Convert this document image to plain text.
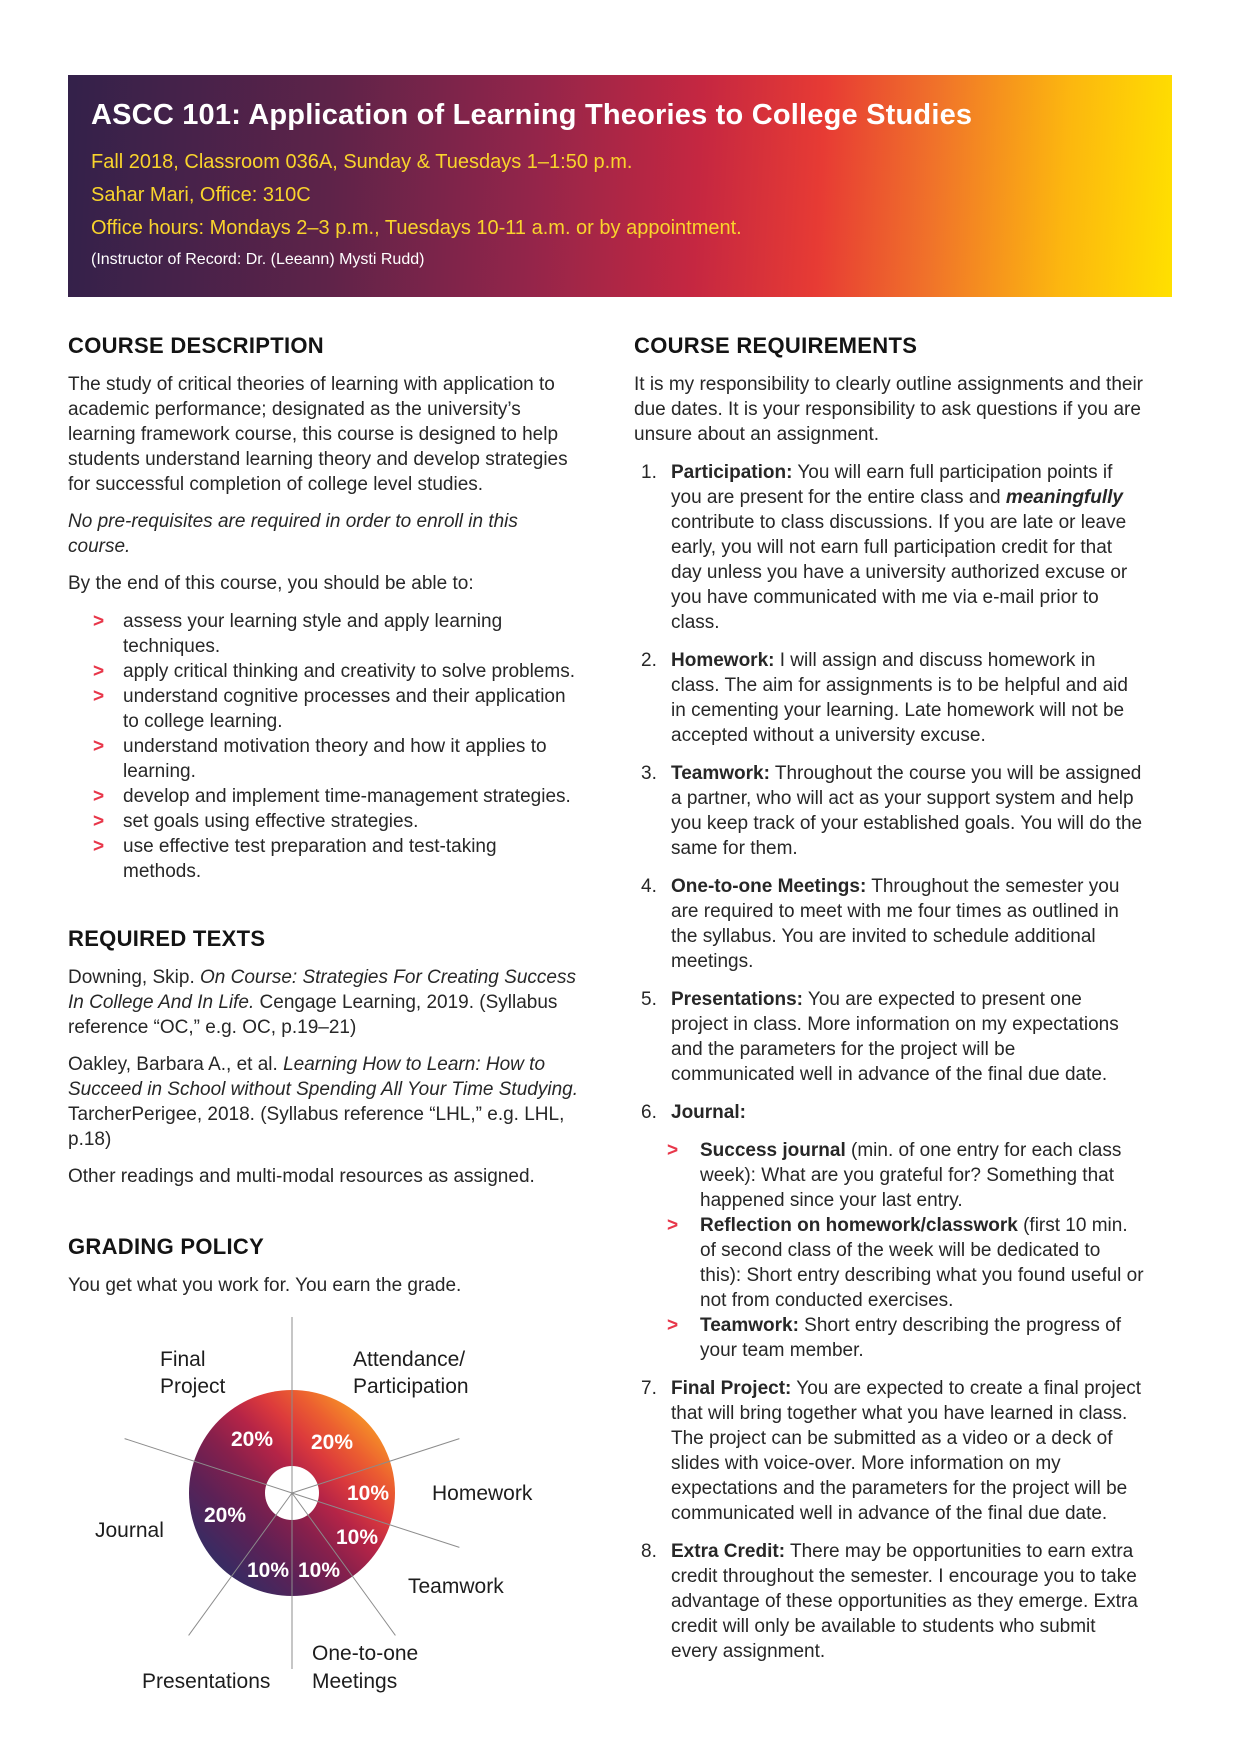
ASCC 101: Application of Learning Theories to College Studies

Fall 2018, Classroom 036A, Sunday & Tuesdays 1–1:50 p.m.

Sahar Mari, Office: 310C

Office hours: Mondays 2–3 p.m., Tuesdays 10-11 a.m. or by appointment.

(Instructor of Record: Dr. (Leeann) Mysti Rudd)

COURSE DESCRIPTION

The study of critical theories of learning with application to academic performance; designated as the university’s learning framework course, this course is designed to help students understand learning theory and develop strategies for successful completion of college level studies.

No pre-requisites are required in order to enroll in this course.

By the end of this course, you should be able to:

> assess your learning style and apply learning techniques.
> apply critical thinking and creativity to solve problems.
> understand cognitive processes and their application to college learning.
> understand motivation theory and how it applies to learning.
> develop and implement time-management strategies.
> set goals using effective strategies.
> use effective test preparation and test-taking methods.
REQUIRED TEXTS

Downing, Skip. On Course: Strategies For Creating Success In College And In Life. Cengage Learning, 2019. (Syllabus reference “OC,” e.g. OC, p.19–21)

Oakley, Barbara A., et al. Learning How to Learn: How to Succeed in School without Spending All Your Time Studying. TarcherPerigee, 2018. (Syllabus reference “LHL,” e.g. LHL, p.18)

Other readings and multi-modal resources as assigned.

GRADING POLICY

You get what you work for. You earn the grade.

20% 20%
10%
10%
10%
10%
20%
Final
Project
Attendance/
Participation
Homework
Teamwork
Journal
One-to-one
Meetings
Presentations
COURSE REQUIREMENTS

It is my responsibility to clearly outline assignments and their due dates. It is your responsibility to ask questions if you are unsure about an assignment.

1. Participation: You will earn full participation points if you are present for the entire class and meaningfully contribute to class discussions. If you are late or leave early, you will not earn full participation credit for that day unless you have a university authorized excuse or you have communicated with me via e-mail prior to class.
2. Homework: I will assign and discuss homework in class. The aim for assignments is to be helpful and aid in cementing your learning. Late homework will not be accepted without a university excuse.
3. Teamwork: Throughout the course you will be assigned a partner, who will act as your support system and help you keep track of your established goals. You will do the same for them.
4. One-to-one Meetings: Throughout the semester you are required to meet with me four times as outlined in the syllabus. You are invited to schedule additional meetings.
5. Presentations: You are expected to present one project in class. More information on my expectations and the parameters for the project will be communicated well in advance of the final due date.
6. Journal:
>	Success journal (min. of one entry for each class week): What are you grateful for? Something that happened since your last entry.
>	Reflection on homework/classwork (first 10 min. of second class of the week will be dedicated to this): Short entry describing what you found useful or not from conducted exercises.
>	Teamwork: Short entry describing the progress of your team member.
7. Final Project: You are expected to create a final project that will bring together what you have learned in class. The project can be submitted as a video or a deck of slides with voice-over. More information on my expectations and the parameters for the project will be communicated well in advance of the final due date.
8. Extra Credit: There may be opportunities to earn extra credit throughout the semester. I encourage you to take advantage of these opportunities as they emerge. Extra credit will only be available to students who submit every assignment.
